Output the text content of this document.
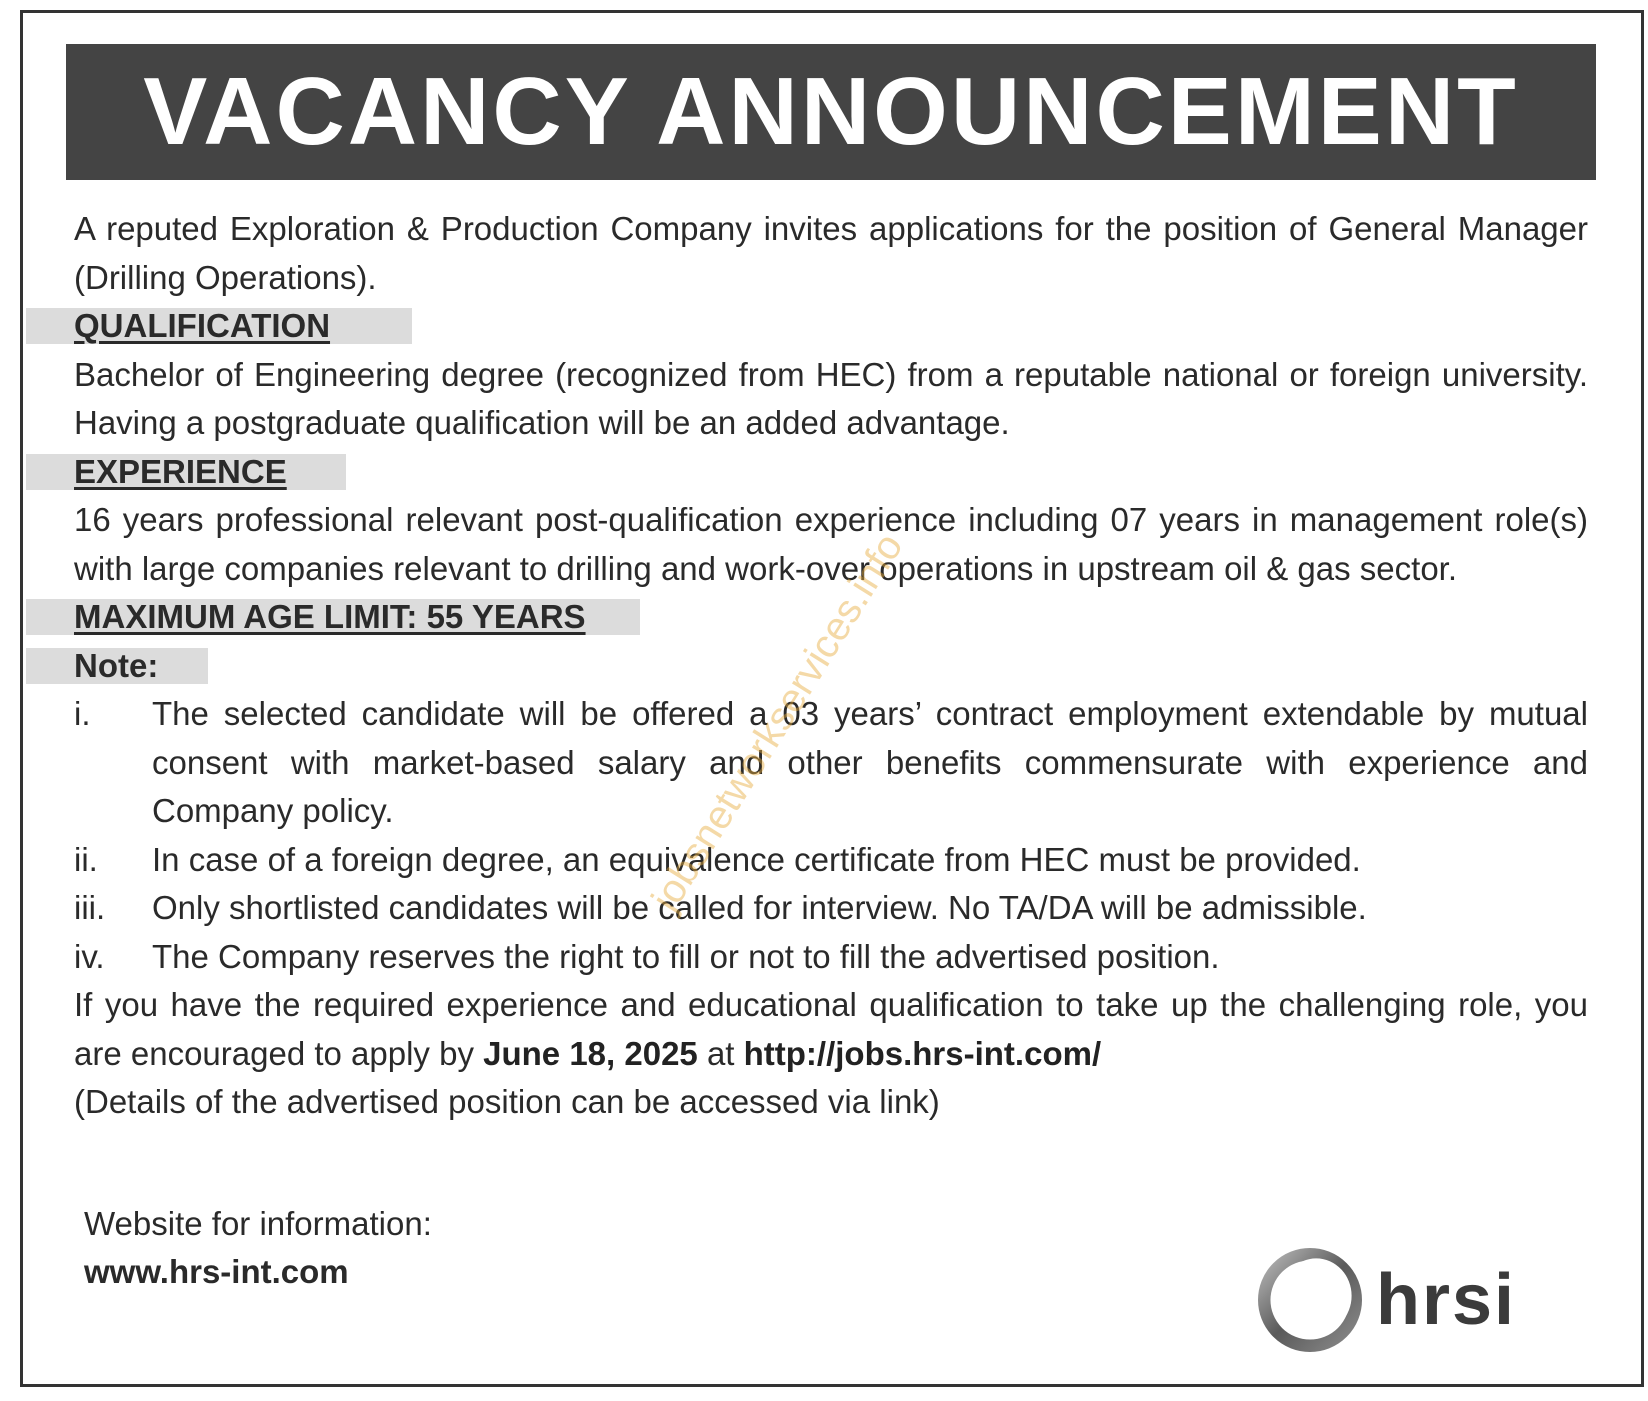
VACANCY ANNOUNCEMENT

A reputed Exploration & Production Company invites applications for the position of General Manager (Drilling Operations).

QUALIFICATION

Bachelor of Engineering degree (recognized from HEC) from a reputable national or foreign university. Having a postgraduate qualification will be an added advantage.

EXPERIENCE

16 years professional relevant post-qualification experience including 07 years in management role(s) with large companies relevant to drilling and work-over operations in upstream oil & gas sector.

MAXIMUM AGE LIMIT: 55 YEARS
Note:
i.	The selected candidate will be offered a 03 years’ contract employment extendable by mutual consent with market-based salary and other benefits commensurate with experience and Company policy.
ii.	In case of a foreign degree, an equivalence certificate from HEC must be provided.
iii.	Only shortlisted candidates will be called for interview. No TA/DA will be admissible.
iv.	The Company reserves the right to fill or not to fill the advertised position.

If you have the required experience and educational qualification to take up the challenging role, you are encouraged to apply by June 18, 2025 at http://jobs.hrs-int.com/

(Details of the advertised position can be accessed via link)

Website for information:
www.hrs-int.com	hrsi
jobsnetworkservices.info
